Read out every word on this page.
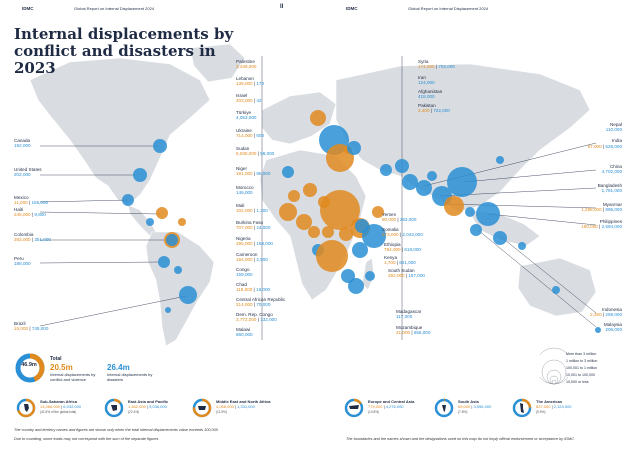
IDMC	Global Report on Internal Displacement 2024	II	IDMC	Global Report on Internal Displacement 2024
Internal displacements by conflict and disasters in 2023
Canada
192,000
United States
202,000
Mexico
11,000 | 156,000
Haiti
245,000 | 9,800
Colombia
293,000 | 351,000
Peru
188,000
Brazil
15,000 | 745,000
Palestine
3,438,000
Lebanon
139,000 | 170
Israel
203,000 | 42
Türkiye
4,053,000
Ukraine
714,000 | 600
Sudan
6,035,000 | 58,000
Niger
181,000 | 95,000
Morocco
146,000
Mali
102,000 | 1,300
Burkina Faso
707,000 | 24,000
Nigeria
295,000 | 168,000
Cameroon
164,000 | 2,900
Congo
159,000
Chad
118,000 | 16,000
Central African Republic
214,000 | 70,000
Dem. Rep. Congo
3,772,000 | 132,000
Malawi
660,000
Syria
174,000 | 702,000
Iran
124,000
Afghanistan
418,000
Pakistan
2,400 | 722,000
Yemen
80,000 | 263,000
Somalia
673,000 | 2,043,000
Ethiopia
794,000 | 618,000
Kenya
1,700 | 641,000
South Sudan
282,000 | 167,000
Madagascar
117,000
Mozambique
41,000 | 655,000
India
67,000 | 528,000
Nepal
110,000
China
4,702,000
Bangladesh
1,791,000
Myanmar
1,298,000 | 995,000
Philippines
160,000 | 2,594,000
Indonesia
2,300 | 258,000
Malaysia
206,000
46.9m
Total
20.5m
Internal displacements by conflict and violence
26.4m
Internal displacements by disasters
More than 3 million
1 million to 3 million
100,001 to 1 million
10,001 to 100,000
10,000 or less
Sub-Saharan Africa
13,466,000 | 6,032,000
(41.6% of the global total)
East Asia and Pacific
1,462,000 | 9,036,000
(22.4%)
Middle East and North Africa
4,058,000 | 1,331,000
(11.5%)
Europe and Central Asia
779,000 | 4,276,000
(10.8%)
South Asia
69,000 | 3,596,000
(7.8%)
The Americas
637,000 | 2,123,000
(5.9%)
The country and territory names and figures are shown only when the total internal displacements value exceeds 100,000
Due to rounding, some totals may not correspond with the sum of the separate figures	The boundaries and the names shown and the designations used on this map do not imply official endorsement or acceptance by IDMC
